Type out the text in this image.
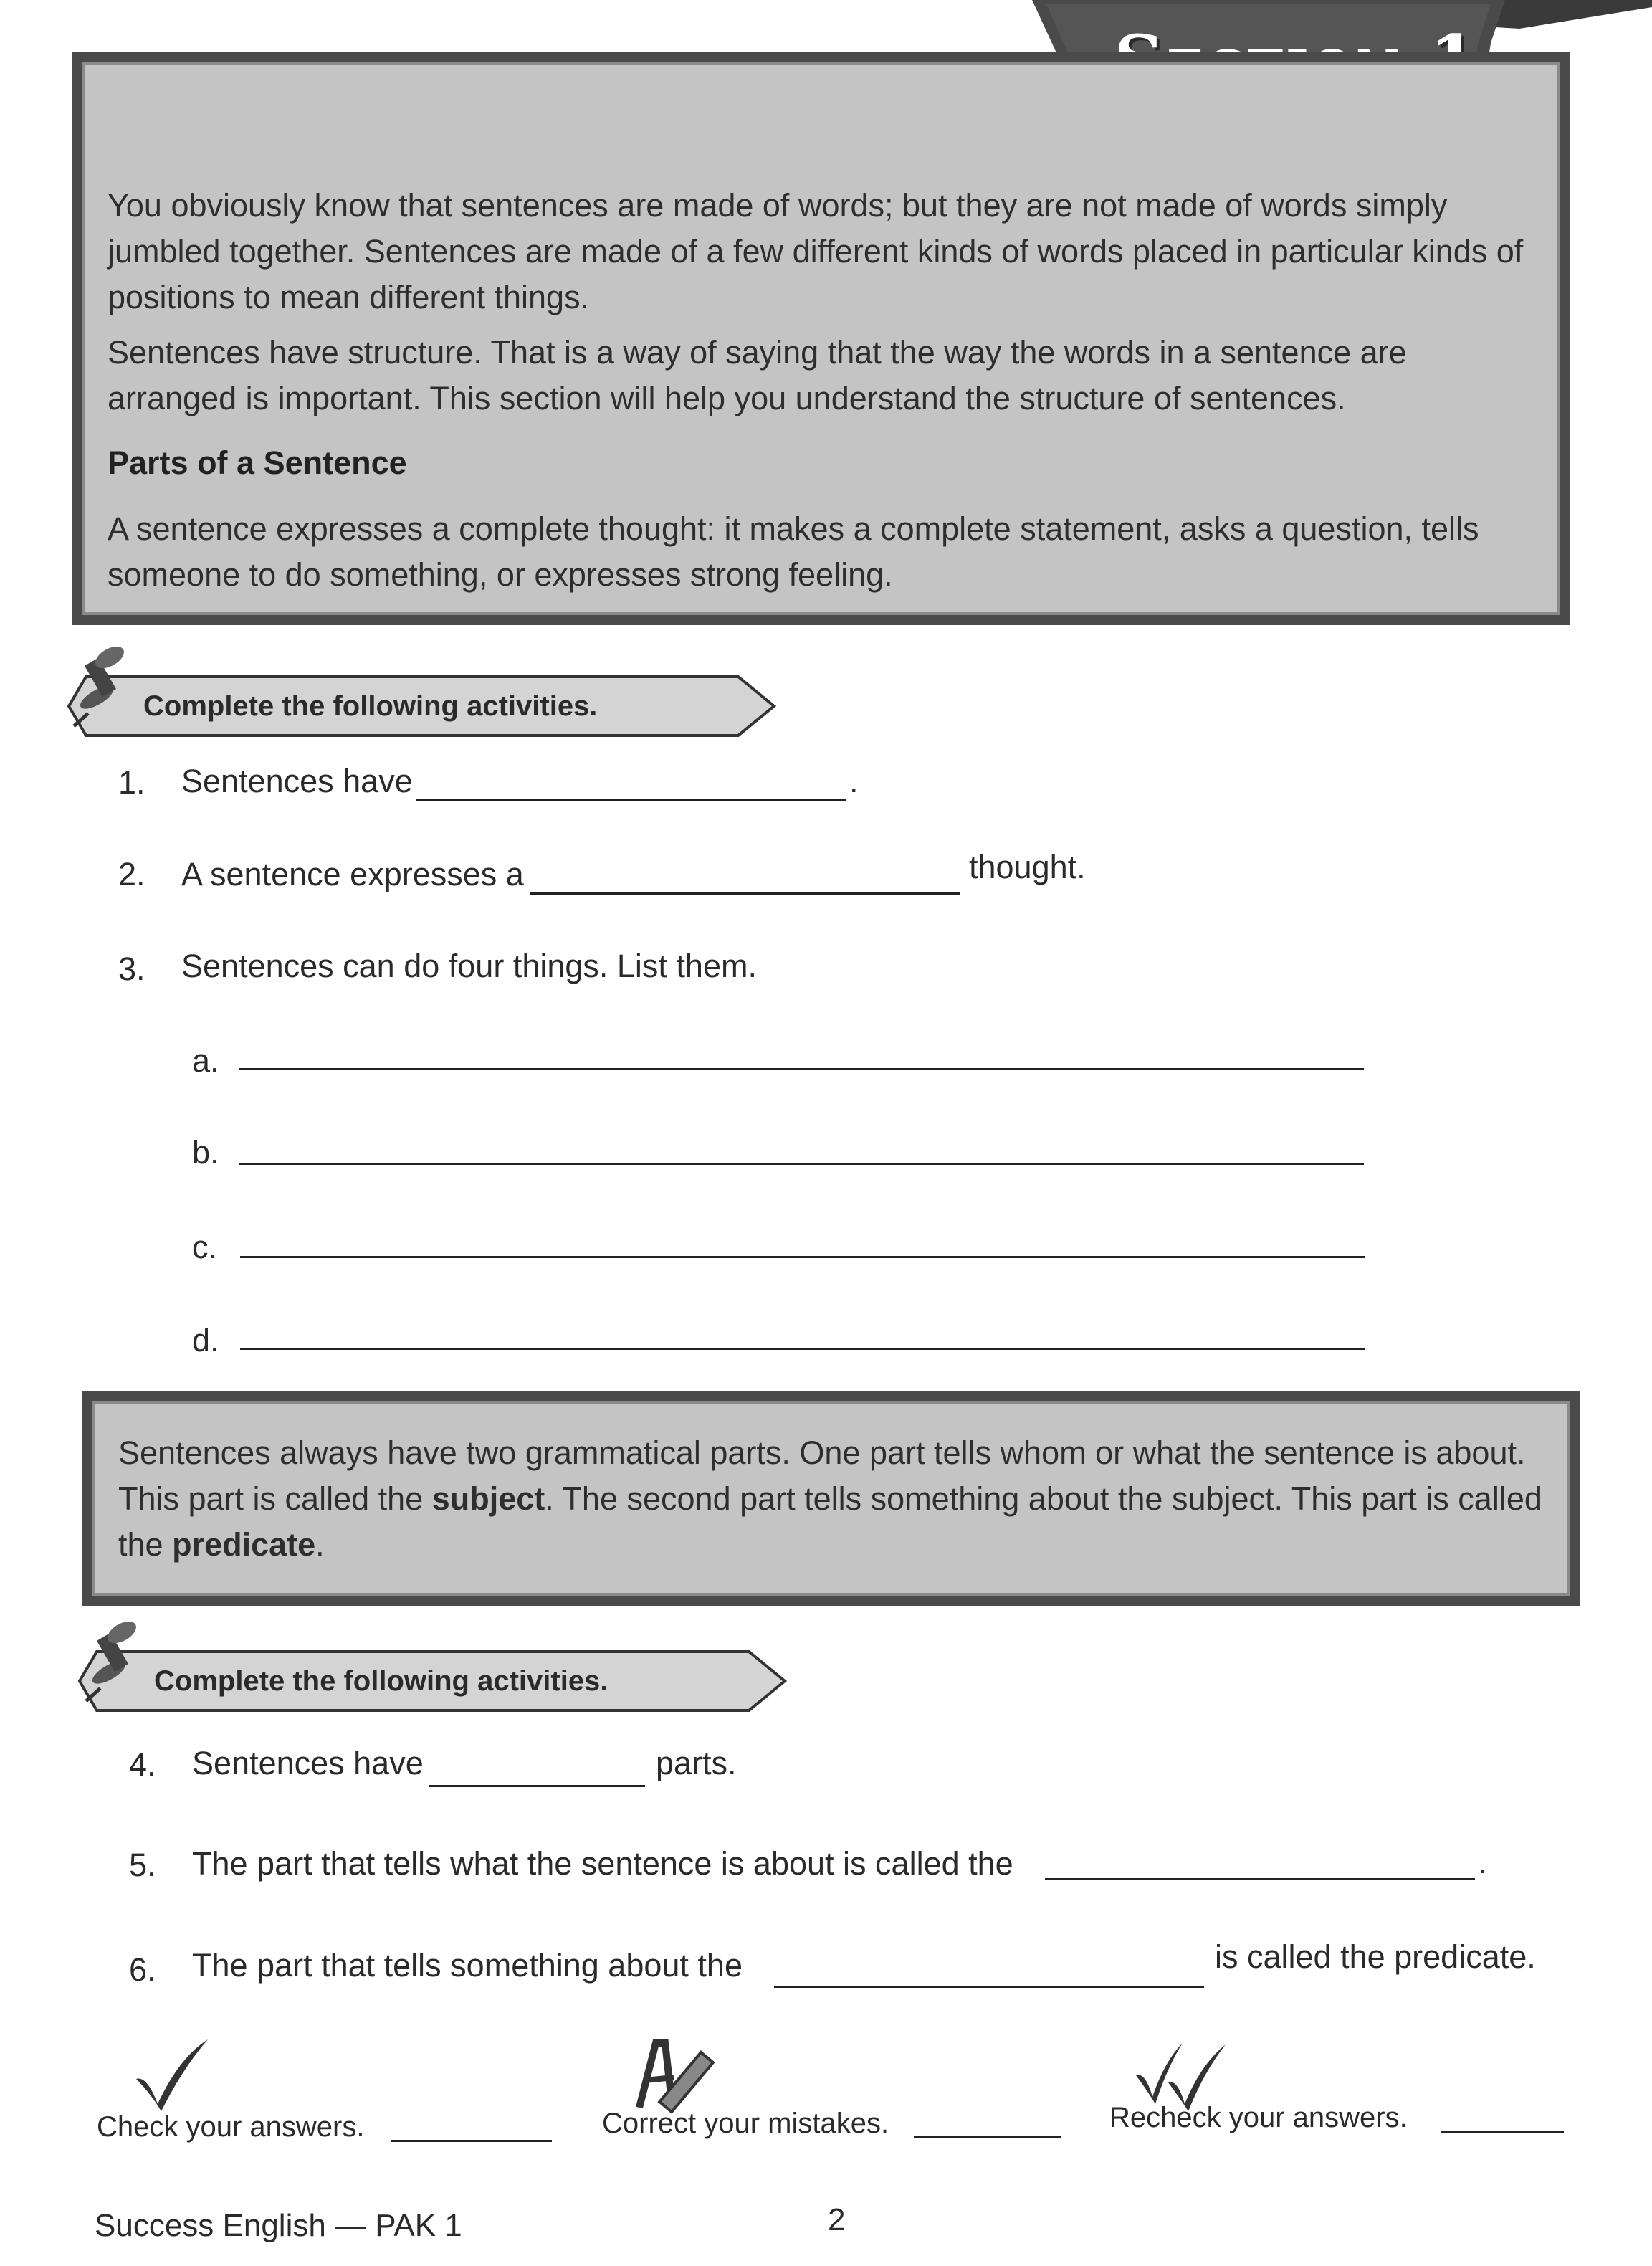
You obviously know that sentences are made of words; but they are not made of words simply jumbled together. Sentences are made of a few different kinds of words placed in particular kinds of positions to mean different things.
Sentences have structure. That is a way of saying that the way the words in a sentence are arranged is important. This section will help you understand the structure of sentences.
Parts of a Sentence
A sentence expresses a complete thought: it makes a complete statement, asks a question, tells someone to do something, or expresses strong feeling.
Complete the following activities.
1. Sentences have	.
2. A sentence expresses a	thought.
3. Sentences can do four things. List them.
a.
b.
c.
d.
Sentences always have two grammatical parts. One part tells whom or what the sentence is about. This part is called the subject. The second part tells something about the subject. This part is called the predicate.
Complete the following activities.
4. Sentences have	parts.
5. The part that tells what the sentence is about is called the	.
6. The part that tells something about the	is called the predicate.
Check your answers.	Correct your mistakes.	Recheck your answers.
Success English — PAK 1	2
